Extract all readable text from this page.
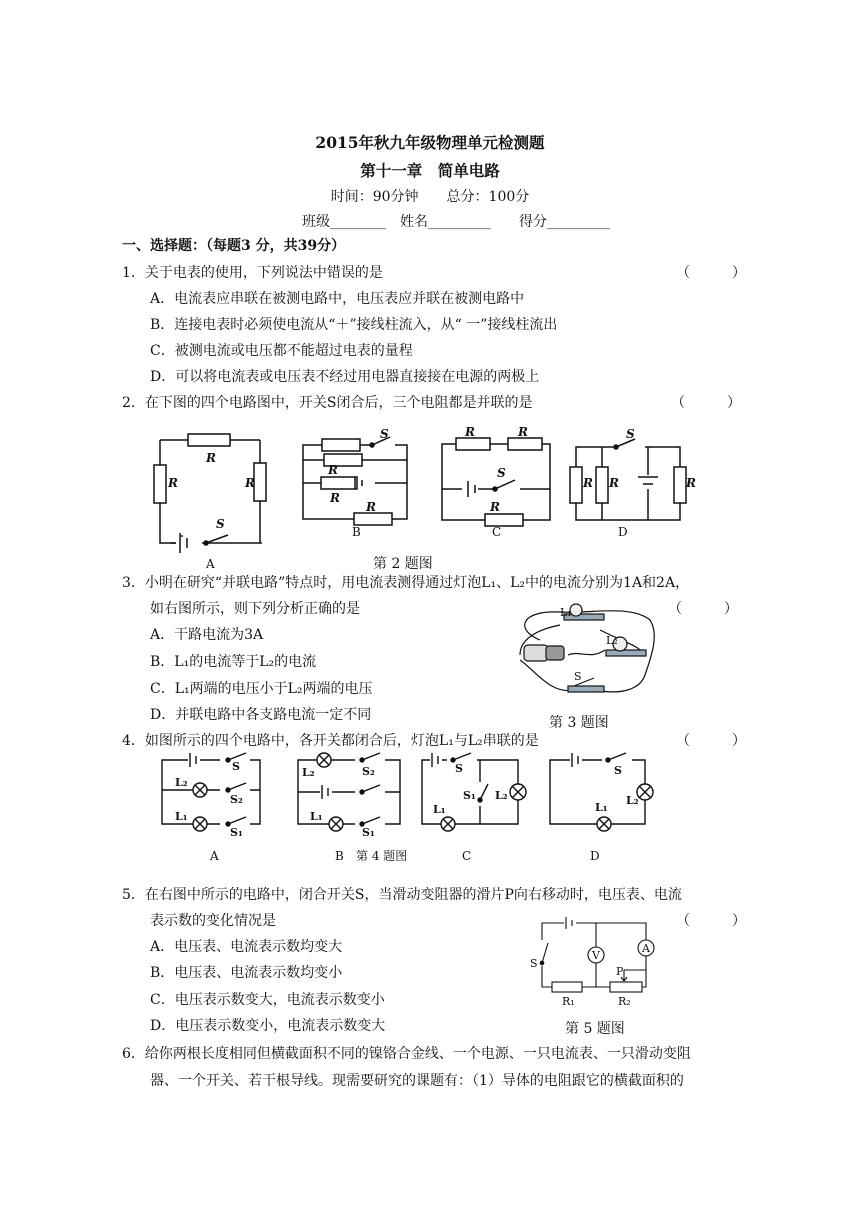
2015年秋九年级物理单元检测题
第十一章　简单电路
时间：90分钟　　总分：100分
班级________　姓名_________　　得分_________
一、选择题：（每题3 分，共39分）
1．关于电表的使用，下列说法中错误的是	（　　　）
A．电流表应串联在被测电路中，电压表应并联在被测电路中
B．连接电表时必须使电流从“＋”接线柱流入，从“ 一”接线柱流出
C．被测电流或电压都不能超过电表的量程
D．可以将电流表或电压表不经过用电器直接接在电源的两极上
2．在下图的四个电路图中，开关S闭合后，三个电阻都是并联的是	（　　　）
R
R	R
S
A
S
R
R
R
B
R	R
S
R
C
S
R R	R
D
第 2 题图
3．小明在研究“并联电路”特点时，用电流表测得通过灯泡L₁、L₂中的电流分别为1A和2A，
如右图所示，则下列分析正确的是	（　　　）
A．干路电流为3A
B．L₁的电流等于L₂的电流
C．L₁两端的电压小于L₂两端的电压
D．并联电路中各支路电流一定不同
L₁
L₂
S
第 3 题图
4．如图所示的四个电路中，各开关都闭合后，灯泡L₁与L₂串联的是	（　　　）
S
L₂
S₂
L₁
S₁
L₂	S₂
L₁
S₁
S
S₁ L₂
L₁
S
L₂
L₁
A	B 第 4 题图	C	D
5．在右图中所示的电路中，闭合开关S，当滑动变阻器的滑片P向右移动时，电压表、电流
表示数的变化情况是	（　　　）
A．电压表、电流表示数均变大
B．电压表、电流表示数均变小
C．电压表示数变大，电流表示数变小
D．电压表示数变小，电流表示数变大
V
A
S
P
R₁	R₂
第 5 题图
6．给你两根长度相同但横截面积不同的镍铬合金线、一个电源、一只电流表、一只滑动变阻
器、一个开关、若干根导线。现需要研究的课题有：（1）导体的电阻跟它的横截面积的
